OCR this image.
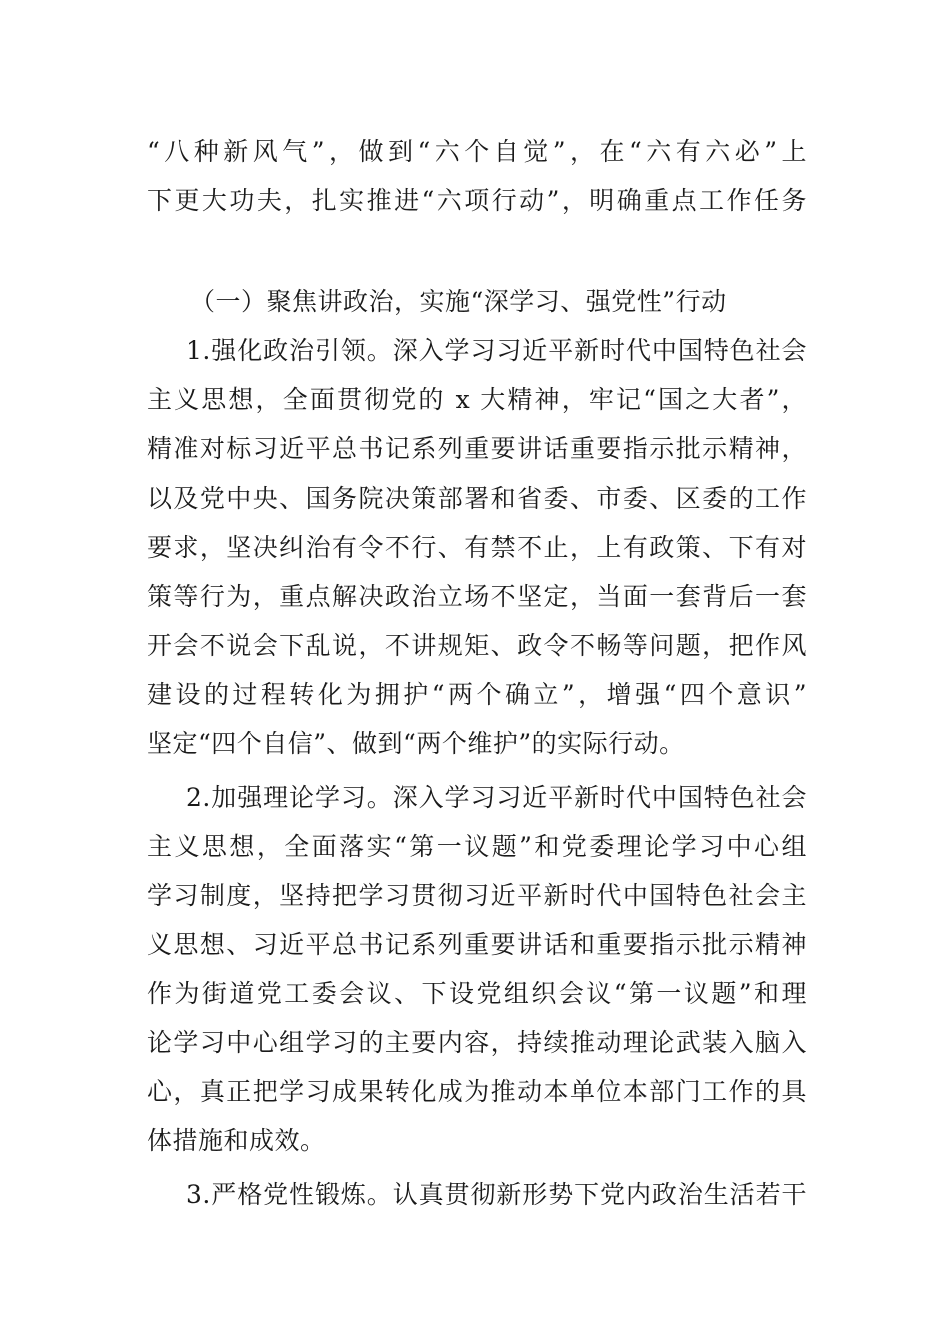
“八种新风气”，做到“六个自觉”，在“六有六必”上
下更大功夫，扎实推进“六项行动”，明确重点工作任务
（一）聚焦讲政治，实施“深学习、强党性”行动
1.强化政治引领。深入学习习近平新时代中国特色社会
主义思想，全面贯彻党的 x 大精神，牢记“国之大者”，
精准对标习近平总书记系列重要讲话重要指示批示精神，
以及党中央、国务院决策部署和省委、市委、区委的工作
要求，坚决纠治有令不行、有禁不止，上有政策、下有对
策等行为，重点解决政治立场不坚定，当面一套背后一套
开会不说会下乱说，不讲规矩、政令不畅等问题，把作风
建设的过程转化为拥护“两个确立”，增强“四个意识”
坚定“四个自信”、做到“两个维护”的实际行动。
2.加强理论学习。深入学习习近平新时代中国特色社会
主义思想，全面落实“第一议题”和党委理论学习中心组
学习制度，坚持把学习贯彻习近平新时代中国特色社会主
义思想、习近平总书记系列重要讲话和重要指示批示精神
作为街道党工委会议、下设党组织会议“第一议题”和理
论学习中心组学习的主要内容，持续推动理论武装入脑入
心，真正把学习成果转化成为推动本单位本部门工作的具
体措施和成效。
3.严格党性锻炼。认真贯彻新形势下党内政治生活若干
